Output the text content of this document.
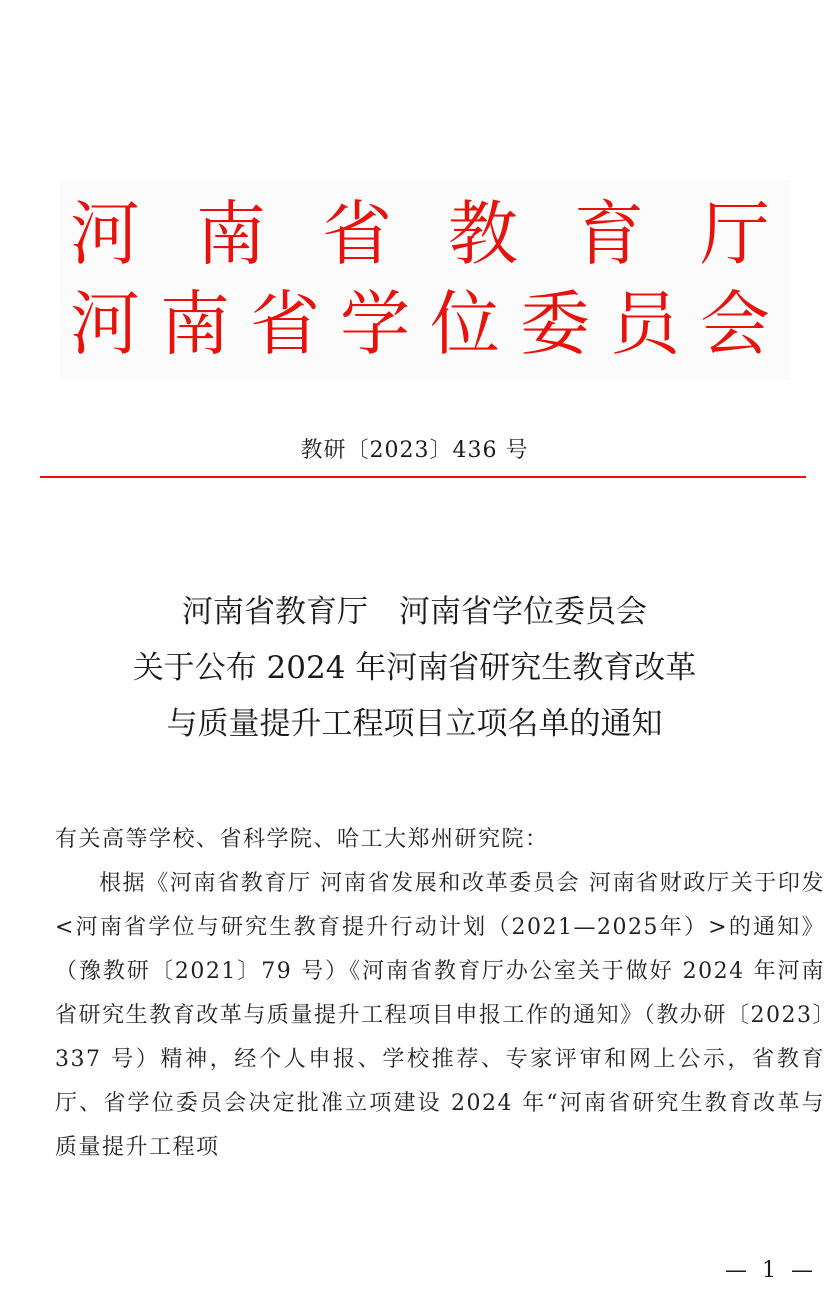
河南省教育厅
河南省学位委员会
教研〔2023〕436 号
河南省教育厅　河南省学位委员会
关于公布 2024 年河南省研究生教育改革
与质量提升工程项目立项名单的通知
有关高等学校、省科学院、哈工大郑州研究院：
根据《河南省教育厅 河南省发展和改革委员会 河南省财政厅关于印发<河南省学位与研究生教育提升行动计划（2021—2025年）>的通知》（豫教研〔2021〕79 号）《河南省教育厅办公室关于做好 2024 年河南省研究生教育改革与质量提升工程项目申报工作的通知》（教办研〔2023〕337 号）精神，经个人申报、学校推荐、专家评审和网上公示，省教育厅、省学位委员会决定批准立项建设 2024 年“河南省研究生教育改革与质量提升工程项
— 1 —
